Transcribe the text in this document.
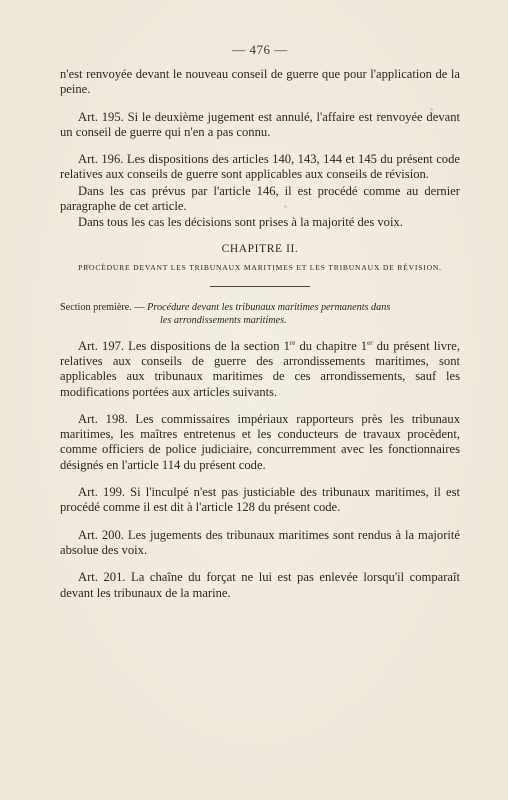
— 476 —

n'est renvoyée devant le nouveau conseil de guerre que pour l'application de la peine.

Art. 195. Si le deuxième jugement est annulé, l'affaire est renvoyée devant un conseil de guerre qui n'en a pas connu.

Art. 196. Les dispositions des articles 140, 143, 144 et 145 du présent code relatives aux conseils de guerre sont applicables aux conseils de révision.

Dans les cas prévus par l'article 146, il est procédé comme au dernier paragraphe de cet article.

Dans tous les cas les décisions sont prises à la majorité des voix.

CHAPITRE II.
PROCÉDURE DEVANT LES TRIBUNAUX MARITIMES ET LES TRIBUNAUX DE RÉVISION.
Section première. — Procédure devant les tribunaux maritimes permanents dans
les arrondissements maritimes.

Art. 197. Les dispositions de la section 1re du chapitre 1er du présent livre, relatives aux conseils de guerre des arrondissements maritimes, sont applicables aux tribunaux maritimes de ces arrondissements, sauf les modifications portées aux articles suivants.

Art. 198. Les commissaires impériaux rapporteurs près les tribunaux maritimes, les maîtres entretenus et les conducteurs de travaux procèdent, comme officiers de police judiciaire, concurremment avec les fonctionnaires désignés en l'article 114 du présent code.

Art. 199. Si l'inculpé n'est pas justiciable des tribunaux maritimes, il est procédé comme il est dit à l'article 128 du présent code.

Art. 200. Les jugements des tribunaux maritimes sont rendus à la majorité absolue des voix.

Art. 201. La chaîne du forçat ne lui est pas enlevée lorsqu'il comparaît devant les tribunaux de la marine.
